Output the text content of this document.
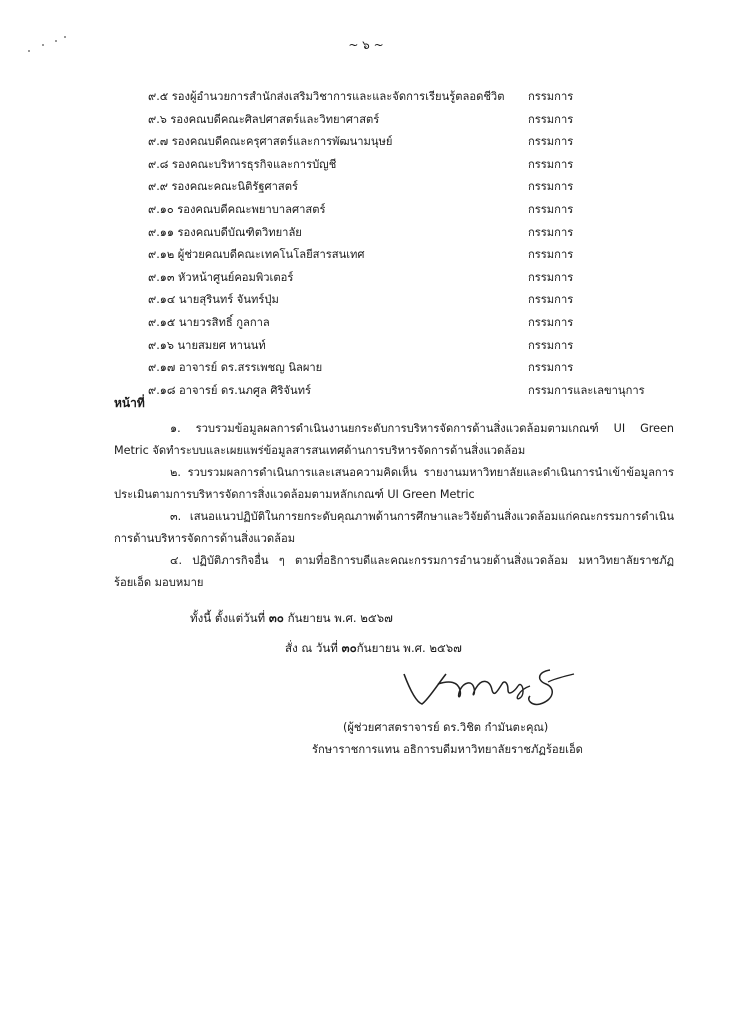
~ ๖ ~
๙.๕ รองผู้อำนวยการสำนักส่งเสริมวิชาการและและจัดการเรียนรู้ตลอดชีวิต กรรมการ
๙.๖ รองคณบดีคณะศิลปศาสตร์และวิทยาศาสตร์	กรรมการ
๙.๗ รองคณบดีคณะครุศาสตร์และการพัฒนามนุษย์	กรรมการ
๙.๘ รองคณะบริหารธุรกิจและการบัญชี	กรรมการ
๙.๙ รองคณะคณะนิติรัฐศาสตร์	กรรมการ
๙.๑๐ รองคณบดีคณะพยาบาลศาสตร์	กรรมการ
๙.๑๑ รองคณบดีบัณฑิตวิทยาลัย	กรรมการ
๙.๑๒ ผู้ช่วยคณบดีคณะเทคโนโลยีสารสนเทศ	กรรมการ
๙.๑๓ หัวหน้าศูนย์คอมพิวเตอร์	กรรมการ
๙.๑๔ นายสุรินทร์ จันทร์ปุ่ม	กรรมการ
๙.๑๕ นายวรสิทธิ์ กูลกาล	กรรมการ
๙.๑๖ นายสมยศ หานนท์	กรรมการ
๙.๑๗ อาจารย์ ดร.สรรเพชญ นิลผาย	กรรมการ
๙.๑๘ อาจารย์ ดร.นภศูล ศิริจันทร์	กรรมการและเลขานุการ
หน้าที่

๑. รวบรวมข้อมูลผลการดำเนินงานยกระดับการบริหารจัดการด้านสิ่งแวดล้อมตามเกณฑ์ UI Green Metric จัดทำระบบและเผยแพร่ข้อมูลสารสนเทศด้านการบริหารจัดการด้านสิ่งแวดล้อม

๒. รวบรวมผลการดำเนินการและเสนอความคิดเห็น รายงานมหาวิทยาลัยและดำเนินการนำเข้าข้อมูลการประเมินตามการบริหารจัดการสิ่งแวดล้อมตามหลักเกณฑ์ UI Green Metric

๓. เสนอแนวปฏิบัติในการยกระดับคุณภาพด้านการศึกษาและวิจัยด้านสิ่งแวดล้อมแก่คณะกรรมการดำเนินการด้านบริหารจัดการด้านสิ่งแวดล้อม

๔. ปฏิบัติภารกิจอื่น ๆ ตามที่อธิการบดีและคณะกรรมการอำนวยด้านสิ่งแวดล้อม มหาวิทยาลัยราชภัฏร้อยเอ็ด มอบหมาย

ทั้งนี้ ตั้งแต่วันที่ ๓๐ กันยายน พ.ศ. ๒๕๖๗
สั่ง ณ วันที่ ๓๐กันยายน พ.ศ. ๒๕๖๗
(ผู้ช่วยศาสตราจารย์ ดร.วิชิต กำมันตะคุณ)
รักษาราชการแทน อธิการบดีมหาวิทยาลัยราชภัฏร้อยเอ็ด
